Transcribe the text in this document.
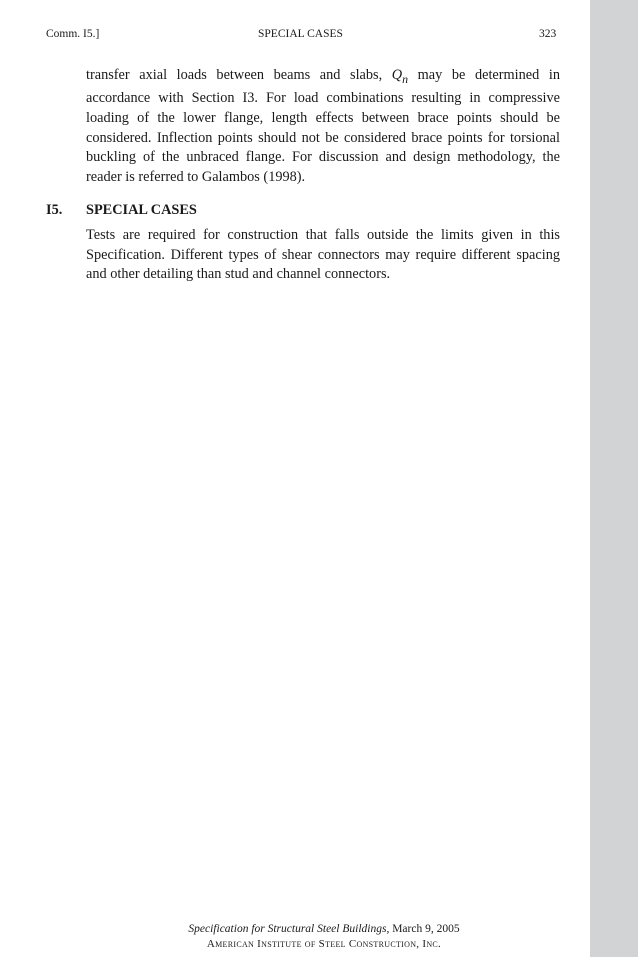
Comm. I5.]	SPECIAL CASES	323
transfer axial loads between beams and slabs, $Q_n$ may be determined in accordance with Section I3. For load combinations resulting in compressive loading of the lower flange, length effects between brace points should be considered. Inflection points should not be considered brace points for torsional buckling of the unbraced flange. For discussion and design methodology, the reader is referred to Galambos (1998).
I5. SPECIAL CASES
Tests are required for construction that falls outside the limits given in this Specification. Different types of shear connectors may require different spacing and other detailing than stud and channel connectors.
Specification for Structural Steel Buildings, March 9, 2005
American Institute of Steel Construction, Inc.
